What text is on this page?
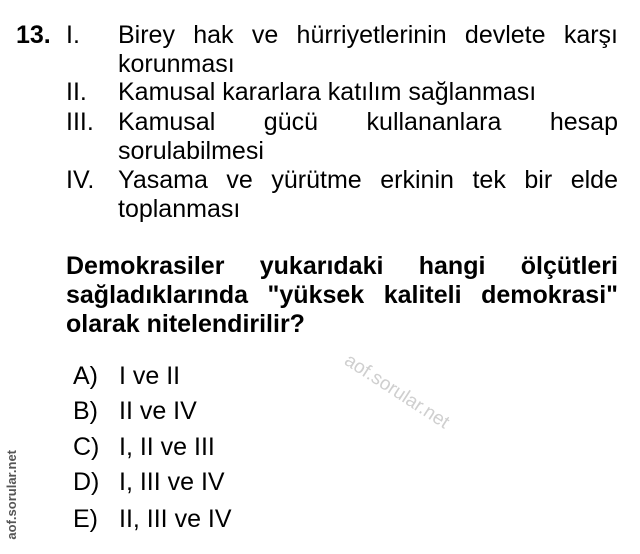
13. I.	Birey hak ve hürriyetlerinin devlete karşı korunması
II.	Kamusal kararlara katılım sağlanması
III. Kamusal gücü kullananlara hesap sorulabilmesi
IV. Yasama ve yürütme erkinin tek bir elde toplanması
Demokrasiler yukarıdaki hangi ölçütleri sağladıklarında "yüksek kaliteli demokrasi" olarak nitelendirilir?
A) I ve II
B) II ve IV
C) I, II ve III
D) I, III ve IV
E) II, III ve IV
aof.sorular.net
aof.sorular.net
